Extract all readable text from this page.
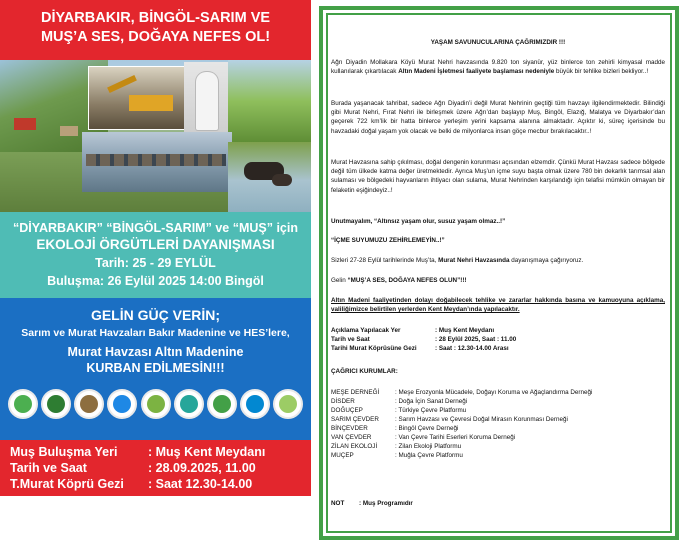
DİYARBAKIR, BİNGÖL-SARIM VE
MUŞ’A SES, DOĞAYA NEFES OL!
“DİYARBAKIR” “BİNGÖL-SARIM” ve “MUŞ” için
EKOLOJİ ÖRGÜTLERİ DAYANIŞMASI
Tarih: 25 - 29 EYLÜL
Buluşma: 26 Eylül 2025 14:00 Bingöl
GELİN GÜÇ VERİN;
Sarım ve Murat Havzaları Bakır Madenine ve HES’lere,
Murat Havzası Altın Madenine
KURBAN EDİLMESİN!!!
Muş Buluşma Yeri : Muş Kent Meydanı
Tarih ve Saat	: 28.09.2025, 11.00
T.Murat Köprü Gezi : Saat 12.30-14.00
YAŞAM SAVUNUCULARINA ÇAĞRIMIZDIR !!!
Ağrı Diyadin Mollakara Köyü Murat Nehri havzasında 9.820 ton siyanür, yüz binlerce ton zehirli kimyasal madde kullanılarak çıkartılacak Altın Madeni İşletmesi faaliyete başlaması nedeniyle büyük bir tehlike bizleri bekliyor..!
Burada yaşanacak tahribat, sadece Ağrı Diyadin’i değil Murat Nehrinin geçtiği tüm havzayı ilgilendirmektedir. Bilindiği gibi Murat Nehri, Fırat Nehri ile birleşmek üzere Ağrı’dan başlayıp Muş, Bingöl, Elazığ, Malatya ve Diyarbakır’dan geçerek 722 km’lik bir hatta binlerce yerleşim yerini kapsama alanına almaktadır. Açıktır ki, süreç içerisinde bu havzadaki doğal yaşam yok olacak ve belki de milyonlarca insan göçe mecbur bırakılacaktır..!
Murat Havzasına sahip çıkılması, doğal dengenin korunması açısından elzemdir. Çünkü Murat Havzası sadece bölgede değil tüm ülkede katma değer üretmektedir. Ayrıca Muş’un içme suyu başta olmak üzere 780 bin dekarlık tarımsal alan sulaması ve bölgedeki hayvanların ihtiyacı olan sulama, Murat Nehrinden karşılandığı için telafisi mümkün olmayan bir felaketin eşiğindeyiz..!
Unutmayalım, “Altınsız yaşam olur, susuz yaşam olmaz..!”
“İÇME SUYUMUZU ZEHİRLEMEYİN..!”
Sizleri 27-28 Eylül tarihlerinde Muş’ta, Murat Nehri Havzasında dayanışmaya çağırıyoruz.
Gelin “MUŞ’A SES, DOĞAYA NEFES OLUN”!!!
Altın Madeni faaliyetinden dolayı doğabilecek tehlike ve zararlar hakkında basına ve kamuoyuna açıklama, valiliğimizce belirtilen yerlerden Kent Meydan’ında yapılacaktır.
Açıklama Yapılacak Yer	: Muş Kent Meydanı
Tarih ve Saat	: 28 Eylül 2025, Saat : 11.00
Tarihi Murat Köprüsüne Gezi	: Saat : 12.30-14.00 Arası
ÇAĞRICI KURUMLAR:
MEŞE DERNEĞİ : Meşe Erozyonla Mücadele, Doğayı Koruma ve Ağaçlandırma Derneği
DİSDER	: Doğa İçin Sanat Derneği
DOĞUÇEP	: Türkiye Çevre Platformu
SARIM ÇEVDER	: Sarım Havzası ve Çevresi Doğal Mirasın Korunması Derneği
BİNÇEVDER	: Bingöl Çevre Derneği
VAN ÇEVDER	: Van Çevre Tarihi Eserleri Koruma Derneği
ZİLAN EKOLOJİ	: Zilan Ekoloji Platformu
MUÇEP	: Muğla Çevre Platformu
NOT : Muş Programıdır
